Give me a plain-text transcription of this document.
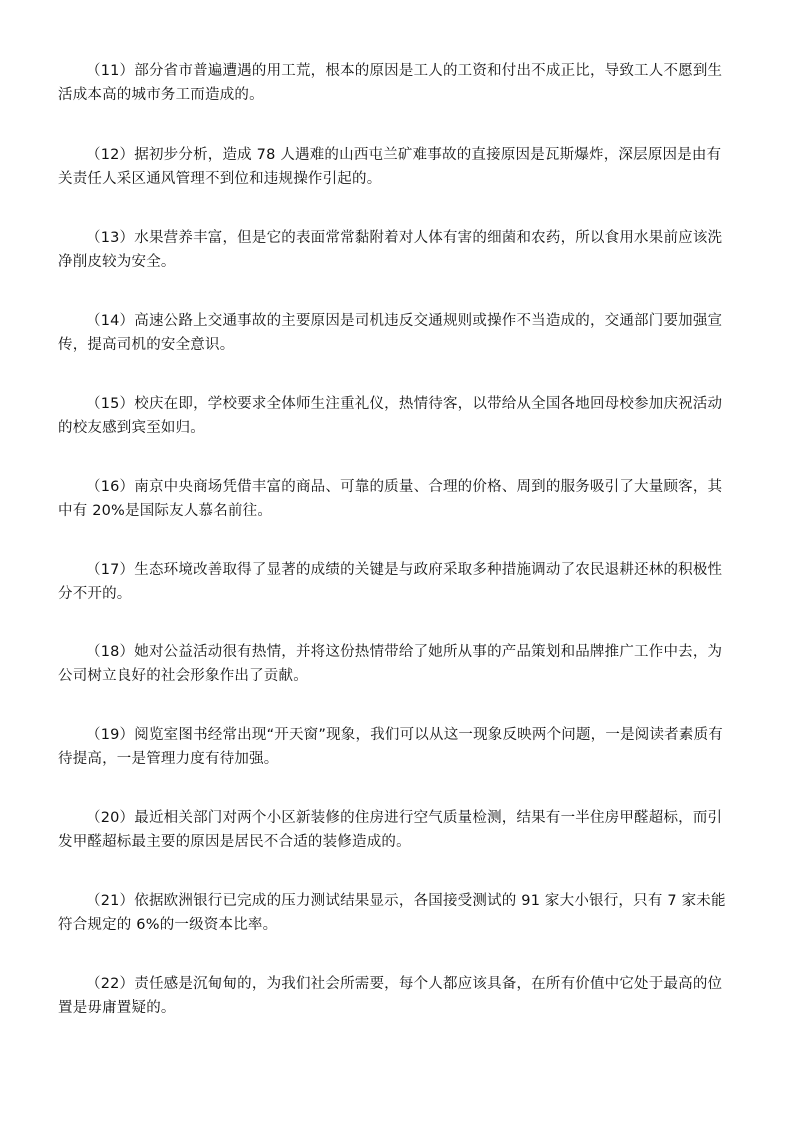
（11）部分省市普遍遭遇的用工荒，根本的原因是工人的工资和付出不成正比，导致工人不愿到生活成本高的城市务工而造成的。

（12）据初步分析，造成 78 人遇难的山西屯兰矿难事故的直接原因是瓦斯爆炸，深层原因是由有关责任人采区通风管理不到位和违规操作引起的。

（13）水果营养丰富，但是它的表面常常黏附着对人体有害的细菌和农药，所以食用水果前应该洗净削皮较为安全。

（14）高速公路上交通事故的主要原因是司机违反交通规则或操作不当造成的，交通部门要加强宣传，提高司机的安全意识。

（15）校庆在即，学校要求全体师生注重礼仪，热情待客，以带给从全国各地回母校参加庆祝活动的校友感到宾至如归。

（16）南京中央商场凭借丰富的商品、可靠的质量、合理的价格、周到的服务吸引了大量顾客，其中有 20%是国际友人慕名前往。

（17）生态环境改善取得了显著的成绩的关键是与政府采取多种措施调动了农民退耕还林的积极性分不开的。

（18）她对公益活动很有热情，并将这份热情带给了她所从事的产品策划和品牌推广工作中去，为公司树立良好的社会形象作出了贡献。

（19）阅览室图书经常出现“开天窗”现象，我们可以从这一现象反映两个问题，一是阅读者素质有待提高，一是管理力度有待加强。

（20）最近相关部门对两个小区新装修的住房进行空气质量检测，结果有一半住房甲醛超标，而引发甲醛超标最主要的原因是居民不合适的装修造成的。

（21）依据欧洲银行已完成的压力测试结果显示，各国接受测试的 91 家大小银行，只有 7 家未能符合规定的 6%的一级资本比率。

（22）责任感是沉甸甸的，为我们社会所需要，每个人都应该具备，在所有价值中它处于最高的位置是毋庸置疑的。
